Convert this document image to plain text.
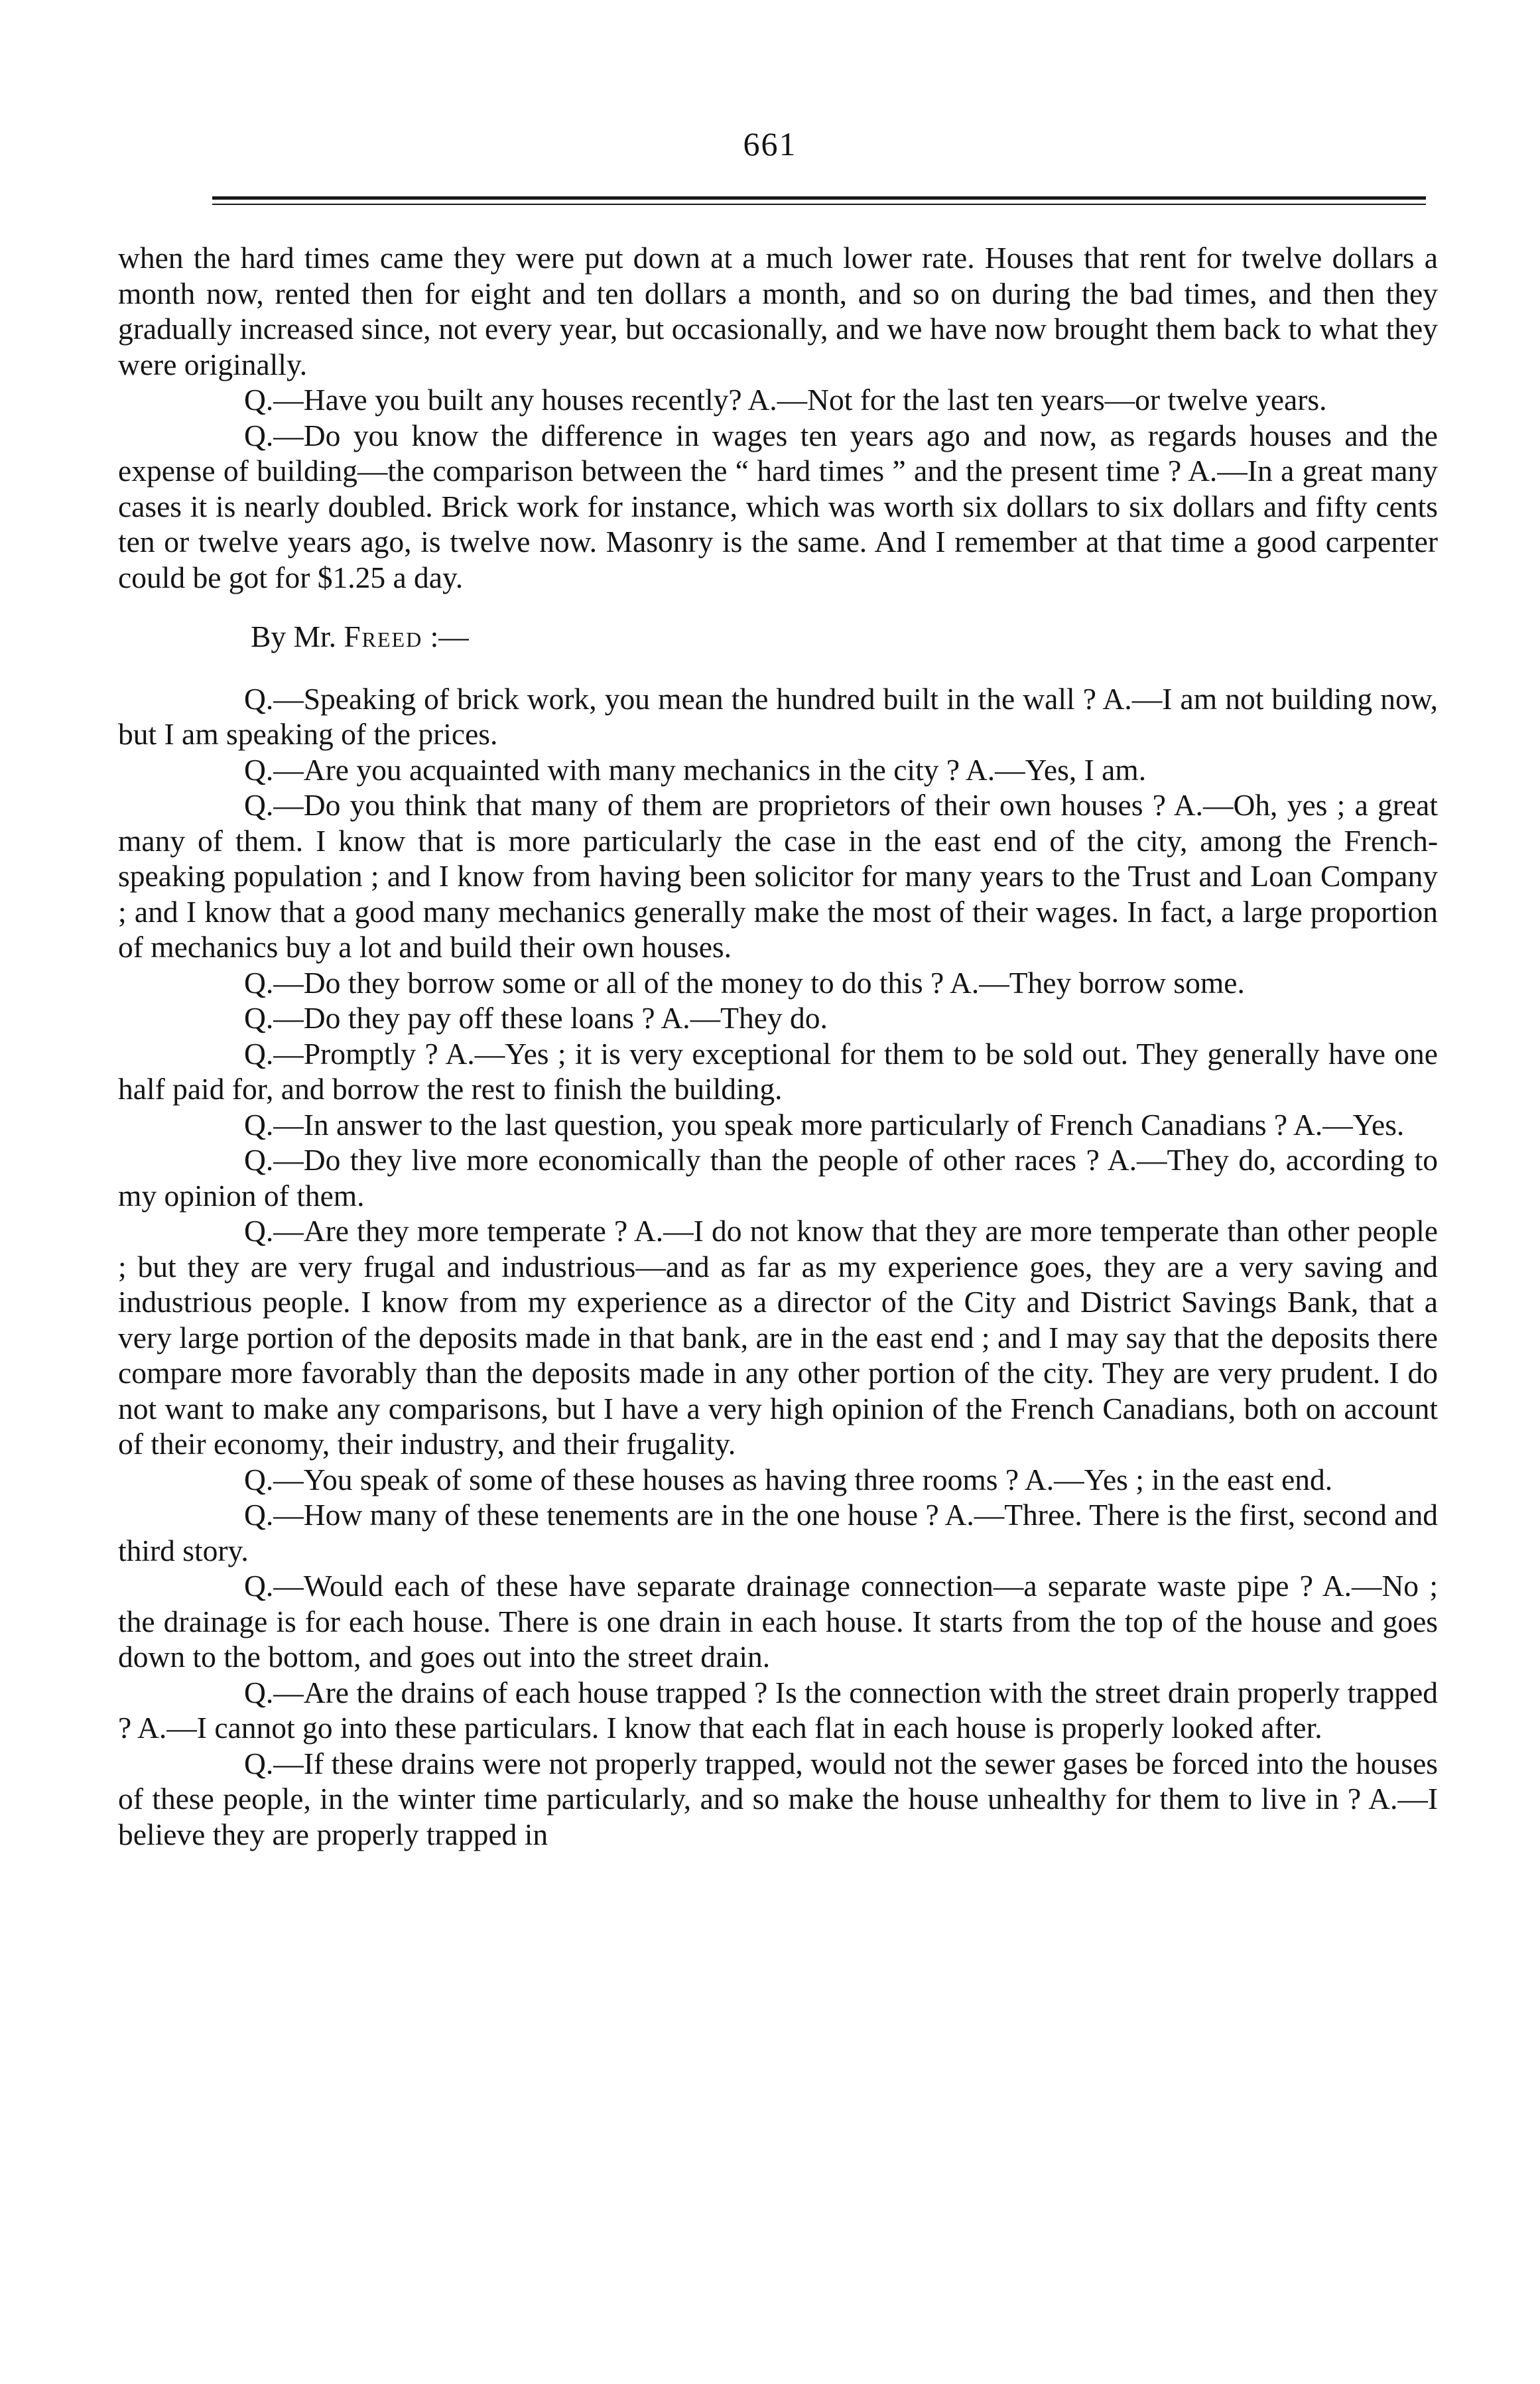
661

when the hard times came they were put down at a much lower rate. Houses that rent for twelve dollars a month now, rented then for eight and ten dollars a month, and so on during the bad times, and then they gradually increased since, not every year, but occasionally, and we have now brought them back to what they were originally.

Q.—Have you built any houses recently? A.—Not for the last ten years—or twelve years.

Q.—Do you know the difference in wages ten years ago and now, as regards houses and the expense of building—the comparison between the “ hard times ” and the present time ? A.—In a great many cases it is nearly doubled. Brick work for instance, which was worth six dollars to six dollars and fifty cents ten or twelve years ago, is twelve now. Masonry is the same. And I remember at that time a good carpenter could be got for $1.25 a day.

By Mr. Freed :—

Q.—Speaking of brick work, you mean the hundred built in the wall ? A.—I am not building now, but I am speaking of the prices.

Q.—Are you acquainted with many mechanics in the city ? A.—Yes, I am.

Q.—Do you think that many of them are proprietors of their own houses ? A.—Oh, yes ; a great many of them. I know that is more particularly the case in the east end of the city, among the French-speaking population ; and I know from having been solicitor for many years to the Trust and Loan Company ; and I know that a good many mechanics generally make the most of their wages. In fact, a large proportion of mechanics buy a lot and build their own houses.

Q.—Do they borrow some or all of the money to do this ? A.—They borrow some.

Q.—Do they pay off these loans ? A.—They do.

Q.—Promptly ? A.—Yes ; it is very exceptional for them to be sold out. They generally have one half paid for, and borrow the rest to finish the building.

Q.—In answer to the last question, you speak more particularly of French Canadians ? A.—Yes.

Q.—Do they live more economically than the people of other races ? A.—They do, according to my opinion of them.

Q.—Are they more temperate ? A.—I do not know that they are more temperate than other people ; but they are very frugal and industrious—and as far as my experience goes, they are a very saving and industrious people. I know from my experience as a director of the City and District Savings Bank, that a very large portion of the deposits made in that bank, are in the east end ; and I may say that the deposits there compare more favorably than the deposits made in any other portion of the city. They are very prudent. I do not want to make any comparisons, but I have a very high opinion of the French Canadians, both on account of their economy, their industry, and their frugality.

Q.—You speak of some of these houses as having three rooms ? A.—Yes ; in the east end.

Q.—How many of these tenements are in the one house ? A.—Three. There is the first, second and third story.

Q.—Would each of these have separate drainage connection—a separate waste pipe ? A.—No ; the drainage is for each house. There is one drain in each house. It starts from the top of the house and goes down to the bottom, and goes out into the street drain.

Q.—Are the drains of each house trapped ? Is the connection with the street drain properly trapped ? A.—I cannot go into these particulars. I know that each flat in each house is properly looked after.

Q.—If these drains were not properly trapped, would not the sewer gases be forced into the houses of these people, in the winter time particularly, and so make the house unhealthy for them to live in ? A.—I believe they are properly trapped in
